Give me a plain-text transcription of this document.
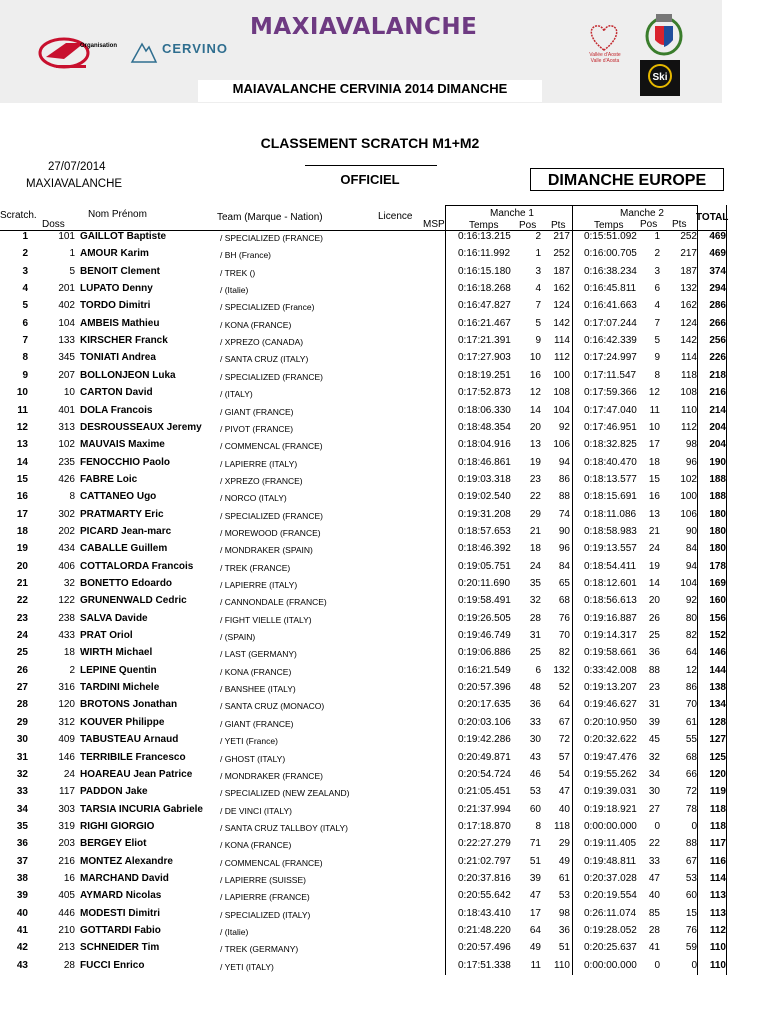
Organisation	CERVINO
MAXIAVALANCHE
Vallée d'Aoste
Valle d'Aosta
Ski
MAIAVALANCHE CERVINIA 2014 DIMANCHE
CLASSEMENT SCRATCH M1+M2
OFFICIEL
27/07/2014
MAXIAVALANCHE	DIMANCHE EUROPE
Scratch.
Doss
Nom Prénom	Team (Marque - Nation)	Licence
MSP
Manche 1
Temps Pos Pts
Manche 2
Temps Pos Pts
TOTAL
1	101 GAILLOT Baptiste	/ SPECIALIZED (FRANCE)	0:16:13.215	2	217 0:15:51.092	1	252	469
2	1 AMOUR Karim	/ BH (France)	0:16:11.992	1	252 0:16:00.705	2	217	469
3	5 BENOIT Clement	/ TREK ()	0:16:15.180	3	187 0:16:38.234	3	187	374
4	201 LUPATO Denny	/ (Italie)	0:16:18.268	4	162 0:16:45.811	6	132	294
5	402 TORDO Dimitri	/ SPECIALIZED (France)	0:16:47.827	7	124 0:16:41.663	4	162	286
6	104 AMBEIS Mathieu	/ KONA (FRANCE)	0:16:21.467	5	142 0:17:07.244	7	124	266
7	133 KIRSCHER Franck	/ XPREZO (CANADA)	0:17:21.391	9	114 0:16:42.339	5	142	256
8	345 TONIATI Andrea	/ SANTA CRUZ (ITALY)	0:17:27.903	10	112 0:17:24.997	9	114	226
9	207 BOLLONJEON Luka	/ SPECIALIZED (FRANCE)	0:18:19.251	16	100 0:17:11.547	8	118	218
10	10 CARTON David	/ (ITALY)	0:17:52.873	12	108 0:17:59.366 12	108	216
11	401 DOLA Francois	/ GIANT (FRANCE)	0:18:06.330	14	104 0:17:47.040	11	110	214
12	313 DESROUSSEAUX Jeremy	/ PIVOT (FRANCE)	0:18:48.354	20	92 0:17:46.951 10	112	204
13	102 MAUVAIS Maxime	/ COMMENCAL (FRANCE)	0:18:04.916	13	106 0:18:32.825 17	98	204
14	235 FENOCCHIO Paolo	/ LAPIERRE (ITALY)	0:18:46.861	19	94 0:18:40.470 18	96	190
15	426 FABRE Loic	/ XPREZO (FRANCE)	0:19:03.318	23	86 0:18:13.577 15	102	188
16	8 CATTANEO Ugo	/ NORCO (ITALY)	0:19:02.540	22	88 0:18:15.691 16	100	188
17	302 PRATMARTY Eric	/ SPECIALIZED (FRANCE)	0:19:31.208	29	74 0:18:11.086 13	106	180
18	202 PICARD Jean-marc	/ MOREWOOD (FRANCE)	0:18:57.653	21	90 0:18:58.983 21	90	180
19	434 CABALLE Guillem	/ MONDRAKER (SPAIN)	0:18:46.392	18	96 0:19:13.557 24	84	180
20	406 COTTALORDA Francois	/ TREK (FRANCE)	0:19:05.751	24	84 0:18:54.411 19	94	178
21	32 BONETTO Edoardo	/ LAPIERRE (ITALY)	0:20:11.690	35	65 0:18:12.601 14	104	169
22	122 GRUNENWALD Cedric	/ CANNONDALE (FRANCE)	0:19:58.491	32	68 0:18:56.613 20	92	160
23	238 SALVA Davide	/ FIGHT VIELLE (ITALY)	0:19:26.505	28	76 0:19:16.887 26	80	156
24	433 PRAT Oriol	/ (SPAIN)	0:19:46.749	31	70 0:19:14.317 25	82	152
25	18 WIRTH Michael	/ LAST (GERMANY)	0:19:06.886	25	82 0:19:58.661 36	64	146
26	2 LEPINE Quentin	/ KONA (FRANCE)	0:16:21.549	6	132 0:33:42.008 88	12	144
27	316 TARDINI Michele	/ BANSHEE (ITALY)	0:20:57.396	48	52 0:19:13.207 23	86	138
28	120 BROTONS Jonathan	/ SANTA CRUZ (MONACO)	0:20:17.635	36	64 0:19:46.627 31	70	134
29	312 KOUVER Philippe	/ GIANT (FRANCE)	0:20:03.106	33	67 0:20:10.950 39	61	128
30	409 TABUSTEAU Arnaud	/ YETI (France)	0:19:42.286	30	72 0:20:32.622 45	55	127
31	146 TERRIBILE Francesco	/ GHOST (ITALY)	0:20:49.871	43	57 0:19:47.476 32	68	125
32	24 HOAREAU Jean Patrice	/ MONDRAKER (FRANCE)	0:20:54.724	46	54 0:19:55.262 34	66	120
33	117 PADDON Jake	/ SPECIALIZED (NEW ZEALAND)	0:21:05.451	53	47 0:19:39.031 30	72	119
34	303 TARSIA INCURIA Gabriele	/ DE VINCI (ITALY)	0:21:37.994	60	40 0:19:18.921 27	78	118
35	319 RIGHI GIORGIO	/ SANTA CRUZ TALLBOY (ITALY)	0:17:18.870	8	118 0:00:00.000	0	0	118
36	203 BERGEY Eliot	/ KONA (FRANCE)	0:22:27.279	71	29 0:19:11.405 22	88	117
37	216 MONTEZ Alexandre	/ COMMENCAL (FRANCE)	0:21:02.797	51	49 0:19:48.811 33	67	116
38	16 MARCHAND David	/ LAPIERRE (SUISSE)	0:20:37.816	39	61 0:20:37.028 47	53	114
39	405 AYMARD Nicolas	/ LAPIERRE (FRANCE)	0:20:55.642	47	53 0:20:19.554 40	60	113
40	446 MODESTI Dimitri	/ SPECIALIZED (ITALY)	0:18:43.410	17	98 0:26:11.074 85	15	113
41	210 GOTTARDI Fabio	/ (Italie)	0:21:48.220	64	36 0:19:28.052 28	76	112
42	213 SCHNEIDER Tim	/ TREK (GERMANY)	0:20:57.496	49	51 0:20:25.637 41	59	110
43	28 FUCCI Enrico	/ YETI (ITALY)	0:17:51.338	11	110 0:00:00.000	0	0	110
